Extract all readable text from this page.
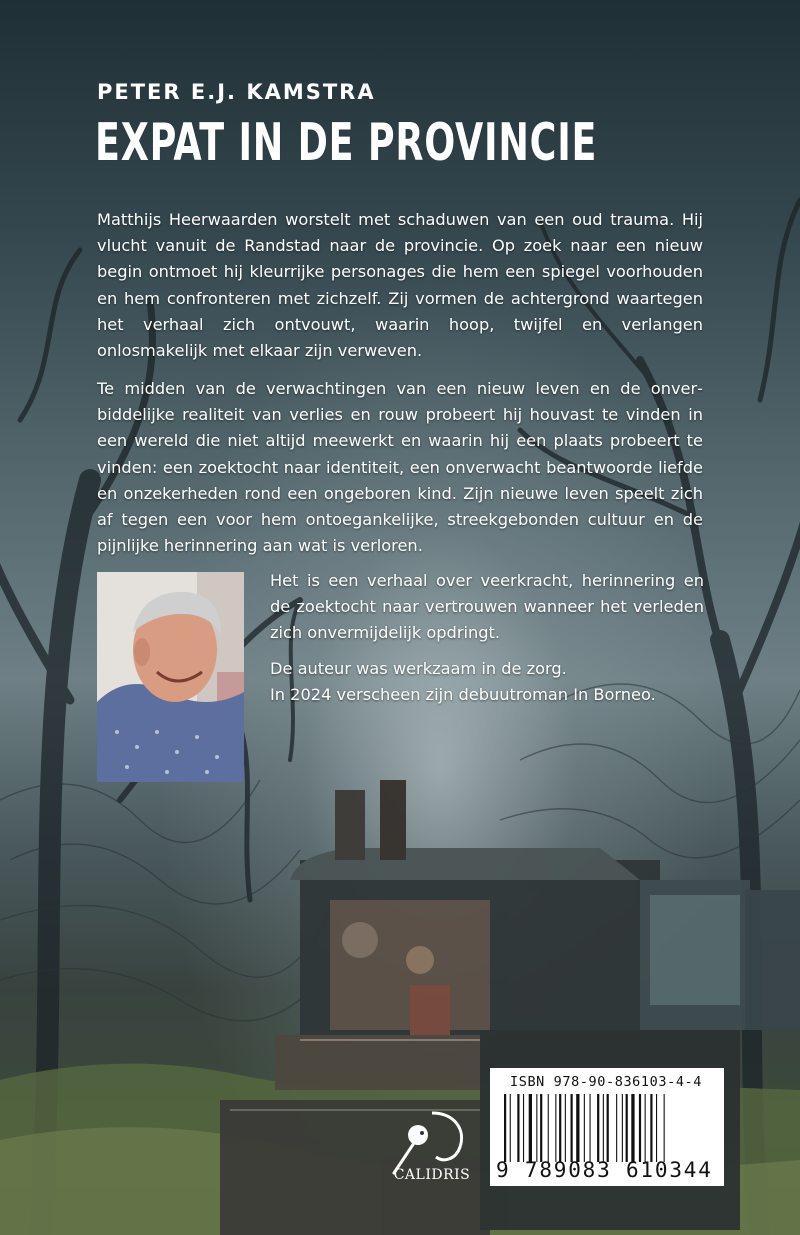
PETER E.J. KAMSTRA
EXPAT IN DE PROVINCIE

Matthijs Heerwaarden worstelt met schaduwen van een oud trauma. Hij vlucht vanuit de Randstad naar de provincie. Op zoek naar een nieuw begin ontmoet hij kleurrijke personages die hem een spiegel voorhouden en hem confronteren met zichzelf. Zij vormen de achtergrond waartegen het verhaal zich ontvouwt, waarin hoop, twijfel en verlangen onlosmakelijk met elkaar zijn verweven.

Te midden van de verwachtingen van een nieuw leven en de onverbiddelijke realiteit van verlies en rouw probeert hij houvast te vinden in een wereld die niet altijd meewerkt en waarin hij een plaats probeert te vinden: een zoektocht naar identiteit, een onverwacht beantwoorde liefde en onzekerheden rond een ongeboren kind. Zijn nieuwe leven speelt zich af tegen een voor hem ontoegankelijke, streekgebonden cultuur en de pijnlijke herinnering aan wat is verloren.

Het is een verhaal over veerkracht, herinnering en de zoektocht naar vertrouwen wanneer het verleden zich onvermijdelijk opdringt.

De auteur was werkzaam in de zorg.
In 2024 verscheen zijn debuutroman In Borneo.
CALIDRIS
ISBN 978-90-836103-4-4
9 789083 610344
